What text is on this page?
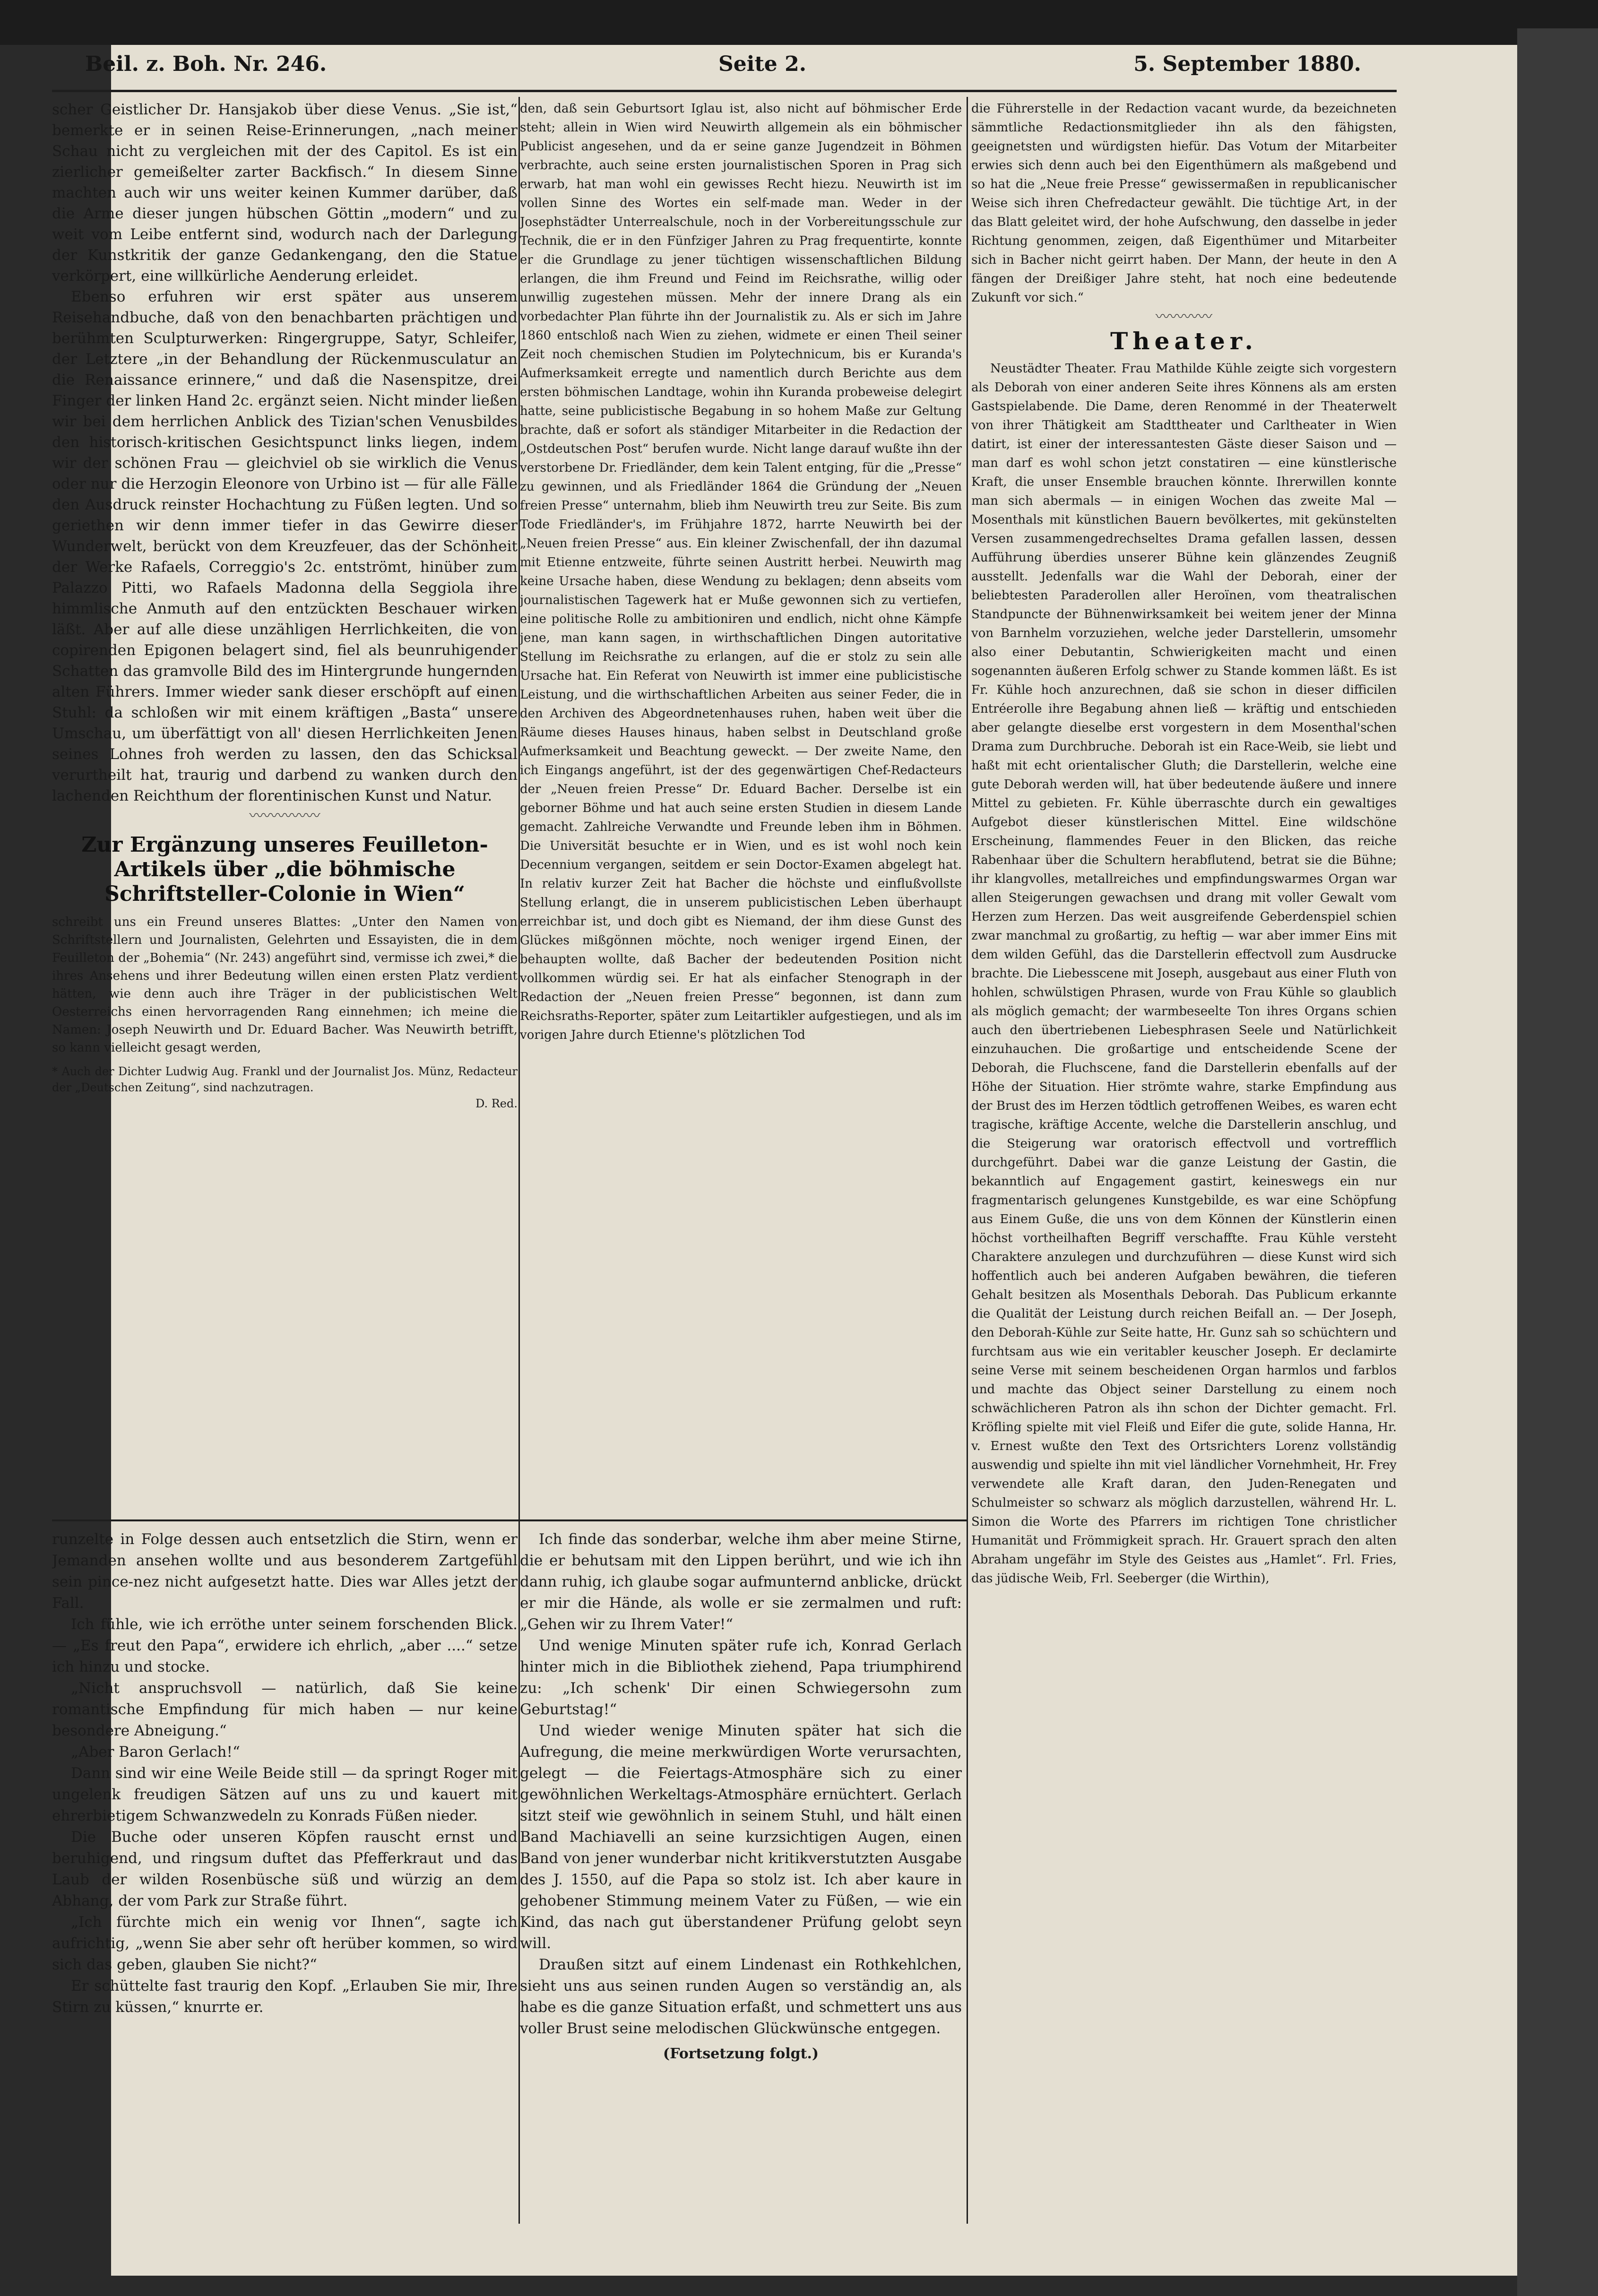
Beil. z. Boh. Nr. 246.	Seite 2.	5. September 1880.

scher Geistlicher Dr. Hansjakob über diese Venus. „Sie ist,“ bemerkte er in seinen Reise-Erinnerungen, „nach meiner Schau nicht zu vergleichen mit der des Capitol. Es ist ein zierlicher gemeißelter zarter Backfisch.“ In diesem Sinne machten auch wir uns weiter keinen Kummer darüber, daß die Arme dieser jungen hübschen Göttin „modern“ und zu weit vom Leibe entfernt sind, wodurch nach der Darlegung der Kunstkritik der ganze Gedankengang, den die Statue verkörpert, eine willkürliche Aenderung erleidet.

Ebenso erfuhren wir erst später aus unserem Reisehandbuche, daß von den benachbarten prächtigen und berühmten Sculpturwerken: Ringergruppe, Satyr, Schleifer, der Letztere „in der Behandlung der Rückenmusculatur an die Renaissance erinnere,“ und daß die Nasenspitze, drei Finger der linken Hand 2c. ergänzt seien. Nicht minder ließen wir bei dem herrlichen Anblick des Tizian'schen Venusbildes den historisch-kritischen Gesichtspunct links liegen, indem wir der schönen Frau — gleichviel ob sie wirklich die Venus oder nur die Herzogin Eleonore von Urbino ist — für alle Fälle den Ausdruck reinster Hochachtung zu Füßen legten. Und so geriethen wir denn immer tiefer in das Gewirre dieser Wunderwelt, berückt von dem Kreuzfeuer, das der Schönheit der Werke Rafaels, Correggio's 2c. entströmt, hinüber zum Palazzo Pitti, wo Rafaels Madonna della Seggiola ihre himmlische Anmuth auf den entzückten Beschauer wirken läßt. Aber auf alle diese unzähligen Herrlichkeiten, die von copirenden Epigonen belagert sind, fiel als beunruhigender Schatten das gramvolle Bild des im Hintergrunde hungernden alten Führers. Immer wieder sank dieser erschöpft auf einen Stuhl: da schloßen wir mit einem kräftigen „Basta“ unsere Umschau, um überfättigt von all' diesen Herrlichkeiten Jenen seines Lohnes froh werden zu lassen, den das Schicksal verurtheilt hat, traurig und darbend zu wanken durch den lachenden Reichthum der florentinischen Kunst und Natur.

〰〰〰〰〰
Zur Ergänzung unseres Feuilleton-Artikels über „die böhmische Schriftsteller-Colonie in Wien“

schreibt uns ein Freund unseres Blattes: „Unter den Namen von Schriftstellern und Journalisten, Gelehrten und Essayisten, die in dem Feuilleton der „Bohemia“ (Nr. 243) angeführt sind, vermisse ich zwei,* die ihres Ansehens und ihrer Bedeutung willen einen ersten Platz verdient hätten, wie denn auch ihre Träger in der publicistischen Welt Oesterreichs einen hervorragenden Rang einnehmen; ich meine die Namen: Joseph Neuwirth und Dr. Eduard Bacher. Was Neuwirth betrifft, so kann vielleicht gesagt werden,

* Auch der Dichter Ludwig Aug. Frankl und der Journalist Jos. Münz, Redacteur der „Deutschen Zeitung“, sind nachzutragen.
D. Red.

den, daß sein Geburtsort Iglau ist, also nicht auf böhmischer Erde steht; allein in Wien wird Neuwirth allgemein als ein böhmischer Publicist angesehen, und da er seine ganze Jugendzeit in Böhmen verbrachte, auch seine ersten journalistischen Sporen in Prag sich erwarb, hat man wohl ein gewisses Recht hiezu. Neuwirth ist im vollen Sinne des Wortes ein self-made man. Weder in der Josephstädter Unterrealschule, noch in der Vorbereitungsschule zur Technik, die er in den Fünfziger Jahren zu Prag frequentirte, konnte er die Grundlage zu jener tüchtigen wissenschaftlichen Bildung erlangen, die ihm Freund und Feind im Reichsrathe, willig oder unwillig zugestehen müssen. Mehr der innere Drang als ein vorbedachter Plan führte ihn der Journalistik zu. Als er sich im Jahre 1860 entschloß nach Wien zu ziehen, widmete er einen Theil seiner Zeit noch chemischen Studien im Polytechnicum, bis er Kuranda's Aufmerksamkeit erregte und namentlich durch Berichte aus dem ersten böhmischen Landtage, wohin ihn Kuranda probeweise delegirt hatte, seine publicistische Begabung in so hohem Maße zur Geltung brachte, daß er sofort als ständiger Mitarbeiter in die Redaction der „Ostdeutschen Post“ berufen wurde. Nicht lange darauf wußte ihn der verstorbene Dr. Friedländer, dem kein Talent entging, für die „Presse“ zu gewinnen, und als Friedländer 1864 die Gründung der „Neuen freien Presse“ unternahm, blieb ihm Neuwirth treu zur Seite. Bis zum Tode Friedländer's, im Frühjahre 1872, harrte Neuwirth bei der „Neuen freien Presse“ aus. Ein kleiner Zwischenfall, der ihn dazumal mit Etienne entzweite, führte seinen Austritt herbei. Neuwirth mag keine Ursache haben, diese Wendung zu beklagen; denn abseits vom journalistischen Tagewerk hat er Muße gewonnen sich zu vertiefen, eine politische Rolle zu ambitioniren und endlich, nicht ohne Kämpfe jene, man kann sagen, in wirthschaftlichen Dingen autoritative Stellung im Reichsrathe zu erlangen, auf die er stolz zu sein alle Ursache hat. Ein Referat von Neuwirth ist immer eine publicistische Leistung, und die wirthschaftlichen Arbeiten aus seiner Feder, die in den Archiven des Abgeordnetenhauses ruhen, haben weit über die Räume dieses Hauses hinaus, haben selbst in Deutschland große Aufmerksamkeit und Beachtung geweckt. — Der zweite Name, den ich Eingangs angeführt, ist der des gegenwärtigen Chef-Redacteurs der „Neuen freien Presse“ Dr. Eduard Bacher. Derselbe ist ein geborner Böhme und hat auch seine ersten Studien in diesem Lande gemacht. Zahlreiche Verwandte und Freunde leben ihm in Böhmen. Die Universität besuchte er in Wien, und es ist wohl noch kein Decennium vergangen, seitdem er sein Doctor-Examen abgelegt hat. In relativ kurzer Zeit hat Bacher die höchste und einflußvollste Stellung erlangt, die in unserem publicistischen Leben überhaupt erreichbar ist, und doch gibt es Niemand, der ihm diese Gunst des Glückes mißgönnen möchte, noch weniger irgend Einen, der behaupten wollte, daß Bacher der bedeutenden Position nicht vollkommen würdig sei. Er hat als einfacher Stenograph in der Redaction der „Neuen freien Presse“ begonnen, ist dann zum Reichsraths-Reporter, später zum Leitartikler aufgestiegen, und als im vorigen Jahre durch Etienne's plötzlichen Tod

die Führerstelle in der Redaction vacant wurde, da bezeichneten sämmtliche Redactionsmitglieder ihn als den fähigsten, geeignetsten und würdigsten hiefür. Das Votum der Mitarbeiter erwies sich denn auch bei den Eigenthümern als maßgebend und so hat die „Neue freie Presse“ gewissermaßen in republicanischer Weise sich ihren Chefredacteur gewählt. Die tüchtige Art, in der das Blatt geleitet wird, der hohe Aufschwung, den dasselbe in jeder Richtung genommen, zeigen, daß Eigenthümer und Mitarbeiter sich in Bacher nicht geirrt haben. Der Mann, der heute in den A fängen der Dreißiger Jahre steht, hat noch eine bedeutende Zukunft vor sich.“

〰〰〰〰
Theater.

Neustädter Theater. Frau Mathilde Kühle zeigte sich vorgestern als Deborah von einer anderen Seite ihres Könnens als am ersten Gastspielabende. Die Dame, deren Renommé in der Theaterwelt von ihrer Thätigkeit am Stadttheater und Carltheater in Wien datirt, ist einer der interessantesten Gäste dieser Saison und — man darf es wohl schon jetzt constatiren — eine künstlerische Kraft, die unser Ensemble brauchen könnte. Ihrerwillen konnte man sich abermals — in einigen Wochen das zweite Mal — Mosenthals mit künstlichen Bauern bevölkertes, mit gekünstelten Versen zusammengedrechseltes Drama gefallen lassen, dessen Aufführung überdies unserer Bühne kein glänzendes Zeugniß ausstellt. Jedenfalls war die Wahl der Deborah, einer der beliebtesten Paraderollen aller Heroïnen, vom theatralischen Standpuncte der Bühnenwirksamkeit bei weitem jener der Minna von Barnhelm vorzuziehen, welche jeder Darstellerin, umsomehr also einer Debutantin, Schwierigkeiten macht und einen sogenannten äußeren Erfolg schwer zu Stande kommen läßt. Es ist Fr. Kühle hoch anzurechnen, daß sie schon in dieser difficilen Entréerolle ihre Begabung ahnen ließ — kräftig und entschieden aber gelangte dieselbe erst vorgestern in dem Mosenthal'schen Drama zum Durchbruche. Deborah ist ein Race-Weib, sie liebt und haßt mit echt orientalischer Gluth; die Darstellerin, welche eine gute Deborah werden will, hat über bedeutende äußere und innere Mittel zu gebieten. Fr. Kühle überraschte durch ein gewaltiges Aufgebot dieser künstlerischen Mittel. Eine wildschöne Erscheinung, flammendes Feuer in den Blicken, das reiche Rabenhaar über die Schultern herabflutend, betrat sie die Bühne; ihr klangvolles, metallreiches und empfindungswarmes Organ war allen Steigerungen gewachsen und drang mit voller Gewalt vom Herzen zum Herzen. Das weit ausgreifende Geberdenspiel schien zwar manchmal zu großartig, zu heftig — war aber immer Eins mit dem wilden Gefühl, das die Darstellerin effectvoll zum Ausdrucke brachte. Die Liebesscene mit Joseph, ausgebaut aus einer Fluth von hohlen, schwülstigen Phrasen, wurde von Frau Kühle so glaublich als möglich gemacht; der warmbeseelte Ton ihres Organs schien auch den übertriebenen Liebesphrasen Seele und Natürlichkeit einzuhauchen. Die großartige und entscheidende Scene der Deborah, die Fluchscene, fand die Darstellerin ebenfalls auf der Höhe der Situation. Hier strömte wahre, starke Empfindung aus der Brust des im Herzen tödtlich getroffenen Weibes, es waren echt tragische, kräftige Accente, welche die Darstellerin anschlug, und die Steigerung war oratorisch effectvoll und vortrefflich durchgeführt. Dabei war die ganze Leistung der Gastin, die bekanntlich auf Engagement gastirt, keineswegs ein nur fragmentarisch gelungenes Kunstgebilde, es war eine Schöpfung aus Einem Guße, die uns von dem Können der Künstlerin einen höchst vortheilhaften Begriff verschaffte. Frau Kühle versteht Charaktere anzulegen und durchzuführen — diese Kunst wird sich hoffentlich auch bei anderen Aufgaben bewähren, die tieferen Gehalt besitzen als Mosenthals Deborah. Das Publicum erkannte die Qualität der Leistung durch reichen Beifall an. — Der Joseph, den Deborah-Kühle zur Seite hatte, Hr. Gunz sah so schüchtern und furchtsam aus wie ein veritabler keuscher Joseph. Er declamirte seine Verse mit seinem bescheidenen Organ harmlos und farblos und machte das Object seiner Darstellung zu einem noch schwächlicheren Patron als ihn schon der Dichter gemacht. Frl. Kröfling spielte mit viel Fleiß und Eifer die gute, solide Hanna, Hr. v. Ernest wußte den Text des Ortsrichters Lorenz vollständig auswendig und spielte ihn mit viel ländlicher Vornehmheit, Hr. Frey verwendete alle Kraft daran, den Juden-Renegaten und Schulmeister so schwarz als möglich darzustellen, während Hr. L. Simon die Worte des Pfarrers im richtigen Tone christlicher Humanität und Frömmigkeit sprach. Hr. Grauert sprach den alten Abraham ungefähr im Style des Geistes aus „Hamlet“. Frl. Fries, das jüdische Weib, Frl. Seeberger (die Wirthin),

runzelte in Folge dessen auch entsetzlich die Stirn, wenn er Jemanden ansehen wollte und aus besonderem Zartgefühl sein pince-nez nicht aufgesetzt hatte. Dies war Alles jetzt der Fall.

Ich fühle, wie ich erröthe unter seinem forschenden Blick. — „Es freut den Papa“, erwidere ich ehrlich, „aber ....“ setze ich hinzu und stocke.

„Nicht anspruchsvoll — natürlich, daß Sie keine romantische Empfindung für mich haben — nur keine besondere Abneigung.“

„Aber Baron Gerlach!“

Dann sind wir eine Weile Beide still — da springt Roger mit ungelenk freudigen Sätzen auf uns zu und kauert mit ehrerbietigem Schwanzwedeln zu Konrads Füßen nieder.

Die Buche oder unseren Köpfen rauscht ernst und beruhigend, und ringsum duftet das Pfefferkraut und das Laub der wilden Rosenbüsche süß und würzig an dem Abhang, der vom Park zur Straße führt.

„Ich fürchte mich ein wenig vor Ihnen“, sagte ich aufrichtig, „wenn Sie aber sehr oft herüber kommen, so wird sich das geben, glauben Sie nicht?“

Er schüttelte fast traurig den Kopf. „Erlauben Sie mir, Ihre Stirn zu küssen,“ knurrte er.

Ich finde das sonderbar, welche ihm aber meine Stirne, die er behutsam mit den Lippen berührt, und wie ich ihn dann ruhig, ich glaube sogar aufmunternd anblicke, drückt er mir die Hände, als wolle er sie zermalmen und ruft: „Gehen wir zu Ihrem Vater!“

Und wenige Minuten später rufe ich, Konrad Gerlach hinter mich in die Bibliothek ziehend, Papa triumphirend zu: „Ich schenk' Dir einen Schwiegersohn zum Geburtstag!“

Und wieder wenige Minuten später hat sich die Aufregung, die meine merkwürdigen Worte verursachten, gelegt — die Feiertags-Atmosphäre sich zu einer gewöhnlichen Werkeltags-Atmosphäre ernüchtert. Gerlach sitzt steif wie gewöhnlich in seinem Stuhl, und hält einen Band Machiavelli an seine kurzsichtigen Augen, einen Band von jener wunderbar nicht kritikverstutzten Ausgabe des J. 1550, auf die Papa so stolz ist. Ich aber kaure in gehobener Stimmung meinem Vater zu Füßen, — wie ein Kind, das nach gut überstandener Prüfung gelobt seyn will.

Draußen sitzt auf einem Lindenast ein Rothkehlchen, sieht uns aus seinen runden Augen so verständig an, als habe es die ganze Situation erfaßt, und schmettert uns aus voller Brust seine melodischen Glückwünsche entgegen.

(Fortsetzung folgt.)
